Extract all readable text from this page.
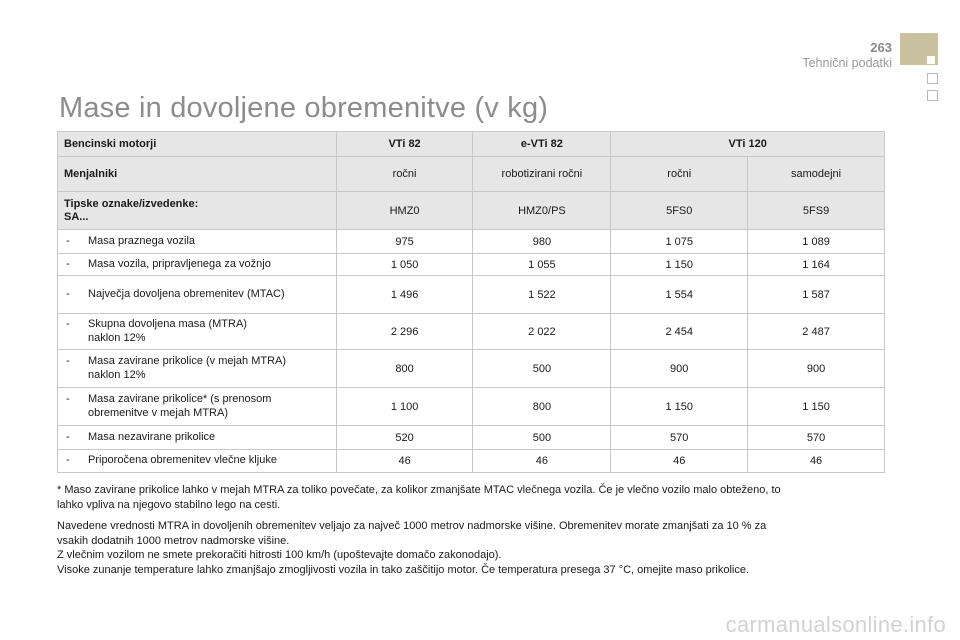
263
Tehnični podatki
Mase in dovoljene obremenitve (v kg)
Bencinski motorji	VTi 82	e-VTi 82	VTi 120	
Menjalniki	ročni	robotizirani ročni	ročni	samodejni
Tipske oznake/izvedenke:
SA...	HMZ0	HMZ0/PS	5FS0	5FS9

- Masa praznega vozila	975	980	1 075	1 089

- Masa vozila, pripravljenega za vožnjo	1 050	1 055	1 150	1 164

- Največja dovoljena obremenitev (MTAC)	1 496	1 522	1 554	1 587

- Skupna dovoljena masa (MTRA)
naklon 12%	2 296	2 022	2 454	2 487

- Masa zavirane prikolice (v mejah MTRA)
naklon 12%	800	500	900	900

- Masa zavirane prikolice* (s prenosom
obremenitve v mejah MTRA)	1 100	800	1 150	1 150

- Masa nezavirane prikolice	520	500	570	570

- Priporočena obremenitev vlečne kljuke	46	46	46	46
* Maso zavirane prikolice lahko v mejah MTRA za toliko povečate, za kolikor zmanjšate MTAC vlečnega vozila. Če je vlečno vozilo malo obteženo, to
lahko vpliva na njegovo stabilno lego na cesti.

Navedene vrednosti MTRA in dovoljenih obremenitev veljajo za največ 1000 metrov nadmorske višine. Obremenitev morate zmanjšati za 10 % za

vsakih dodatnih 1000 metrov nadmorske višine.

Z vlečnim vozilom ne smete prekoračiti hitrosti 100 km/h (upoštevajte domačo zakonodajo).

Visoke zunanje temperature lahko zmanjšajo zmogljivosti vozila in tako zaščitijo motor. Če temperatura presega 37 °C, omejite maso prikolice.

carmanualsonline.info
